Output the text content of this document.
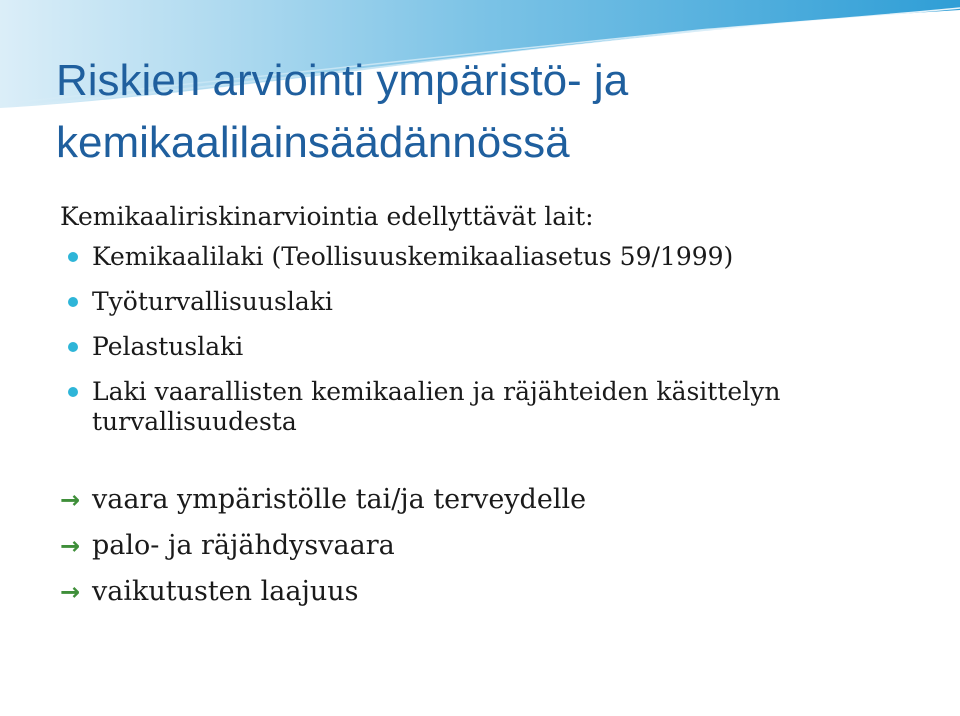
Riskien arviointi ympäristö- ja kemikaalilainsäädännössä

Kemikaaliriskinarviointia edellyttävät lait:

Kemikaalilaki (Teollisuuskemikaaliasetus 59/1999)
Työturvallisuuslaki
Pelastuslaki
Laki vaarallisten kemikaalien ja räjähteiden käsittelyn turvallisuudesta
→ vaara ympäristölle tai/ja terveydelle
→ palo- ja räjähdysvaara
→ vaikutusten laajuus
